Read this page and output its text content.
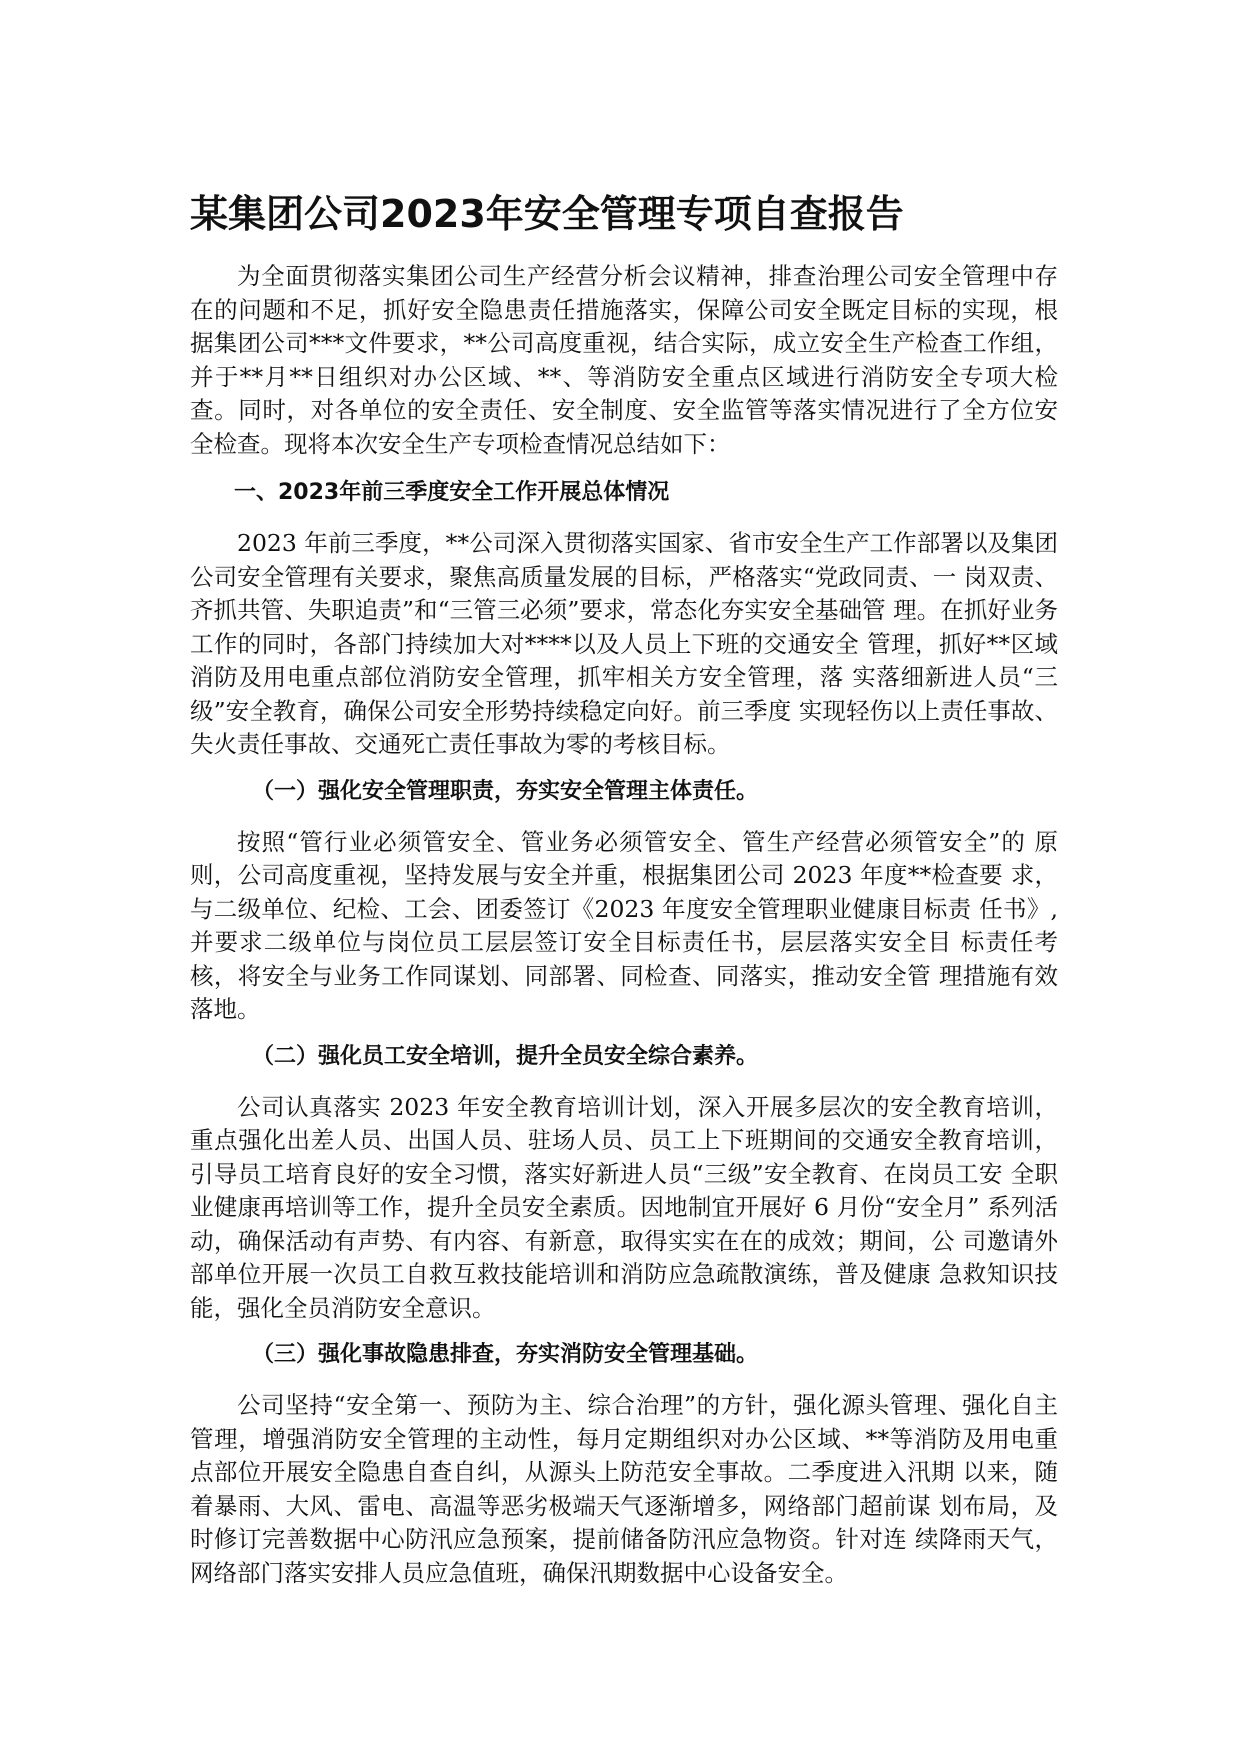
某集团公司2023年安全管理专项自查报告

为全面贯彻落实集团公司生产经营分析会议精神，排查治理公司安全管理中存在的问题和不足，抓好安全隐患责任措施落实，保障公司安全既定目标的实现，根据集团公司***文件要求，**公司高度重视，结合实际，成立安全生产检查工作组，并于**月**日组织对办公区域、**、等消防安全重点区域进行消防安全专项大检查。同时，对各单位的安全责任、安全制度、安全监管等落实情况进行了全方位安全检查。现将本次安全生产专项检查情况总结如下：

一、2023年前三季度安全工作开展总体情况

2023 年前三季度，**公司深入贯彻落实国家、省市安全生产工作部署以及集团公司安全管理有关要求，聚焦高质量发展的目标，严格落实“党政同责、一 岗双责、齐抓共管、失职追责”和“三管三必须”要求，常态化夯实安全基础管 理。在抓好业务工作的同时，各部门持续加大对****以及人员上下班的交通安全 管理，抓好**区域消防及用电重点部位消防安全管理，抓牢相关方安全管理，落 实落细新进人员“三级”安全教育，确保公司安全形势持续稳定向好。前三季度 实现轻伤以上责任事故、失火责任事故、交通死亡责任事故为零的考核目标。

（一）强化安全管理职责，夯实安全管理主体责任。

按照“管行业必须管安全、管业务必须管安全、管生产经营必须管安全”的 原则，公司高度重视，坚持发展与安全并重，根据集团公司 2023 年度**检查要 求，与二级单位、纪检、工会、团委签订《2023 年度安全管理职业健康目标责 任书》, 并要求二级单位与岗位员工层层签订安全目标责任书，层层落实安全目 标责任考核，将安全与业务工作同谋划、同部署、同检查、同落实，推动安全管 理措施有效落地。

（二）强化员工安全培训，提升全员安全综合素养。

公司认真落实 2023 年安全教育培训计划，深入开展多层次的安全教育培训， 重点强化出差人员、出国人员、驻场人员、员工上下班期间的交通安全教育培训， 引导员工培育良好的安全习惯，落实好新进人员“三级”安全教育、在岗员工安 全职业健康再培训等工作，提升全员安全素质。因地制宜开展好 6 月份“安全月” 系列活动，确保活动有声势、有内容、有新意，取得实实在在的成效；期间，公 司邀请外部单位开展一次员工自救互救技能培训和消防应急疏散演练，普及健康 急救知识技能，强化全员消防安全意识。

（三）强化事故隐患排查，夯实消防安全管理基础。

公司坚持“安全第一、预防为主、综合治理”的方针，强化源头管理、强化自主管理，增强消防安全管理的主动性，每月定期组织对办公区域、**等消防及用电重点部位开展安全隐患自查自纠，从源头上防范安全事故。二季度进入汛期 以来，随着暴雨、大风、雷电、高温等恶劣极端天气逐渐增多，网络部门超前谋 划布局，及时修订完善数据中心防汛应急预案，提前储备防汛应急物资。针对连 续降雨天气，网络部门落实安排人员应急值班，确保汛期数据中心设备安全。
